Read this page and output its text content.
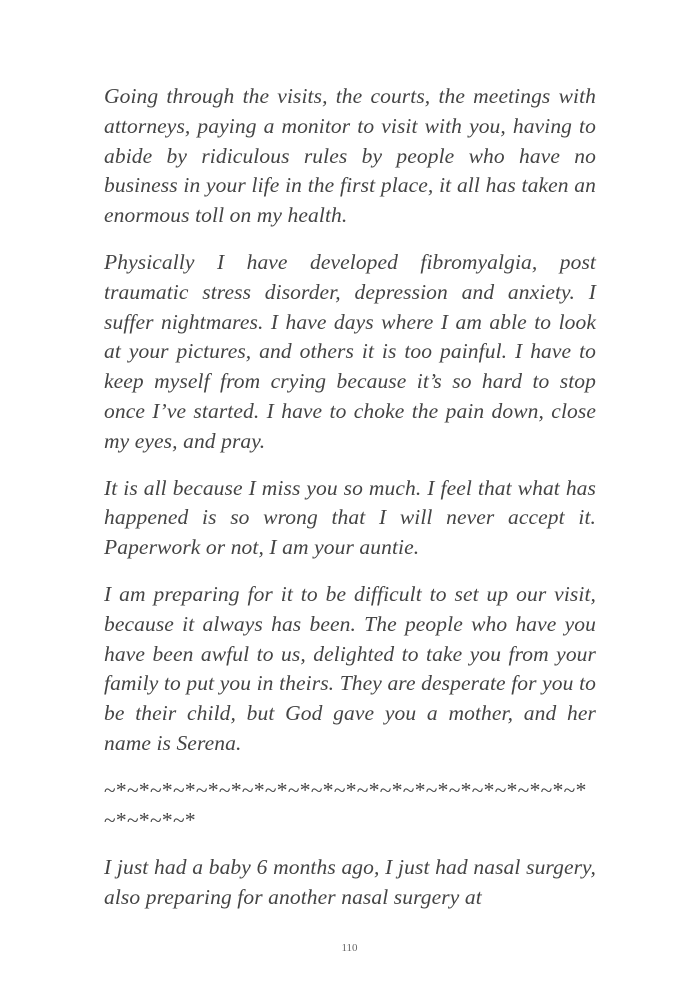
Going through the visits, the courts, the meetings with attorneys, paying a monitor to visit with you, having to abide by ridiculous rules by people who have no business in your life in the first place, it all has taken an enormous toll on my health.

Physically I have developed fibromyalgia, post traumatic stress disorder, depression and anxiety. I suffer nightmares. I have days where I am able to look at your pictures, and others it is too painful. I have to keep myself from crying because it’s so hard to stop once I’ve started. I have to choke the pain down, close my eyes, and pray.

It is all because I miss you so much. I feel that what has happened is so wrong that I will never accept it. Paperwork or not, I am your auntie.

I am preparing for it to be difficult to set up our visit, because it always has been. The people who have you have been awful to us, delighted to take you from your family to put you in theirs. They are desperate for you to be their child, but God gave you a mother, and her name is Serena.

~*~*~*~*~*~*~*~*~*~*~*~*~*~*~*~*~*~*~*~*~*~*~*~*~*

I just had a baby 6 months ago, I just had nasal surgery, also preparing for another nasal surgery at

110
